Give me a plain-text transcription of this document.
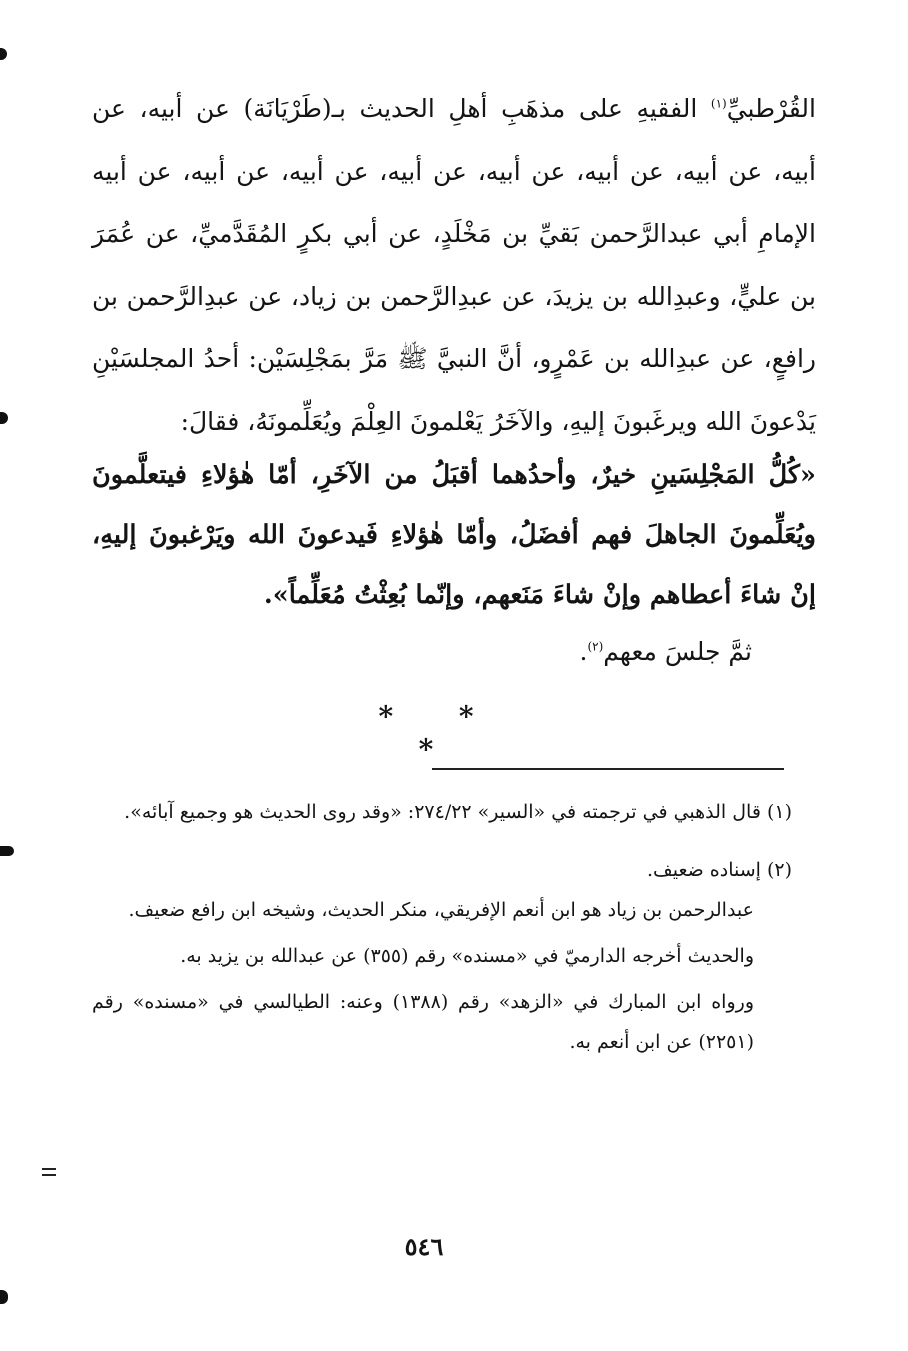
القُرْطبيِّ$^{(١)}$ الفقيهِ على مذهَبِ أهلِ الحديث بـ(طَرْيَانَة) عن أبيه، عن أبيه، عن أبيه، عن أبيه، عن أبيه، عن أبيه، عن أبيه، عن أبيه، عن أبيه الإمامِ أبي عبدالرَّحمن بَقيِّ بن مَخْلَدٍ، عن أبي بكرٍ المُقَدَّميِّ، عن عُمَرَ بن عليٍّ، وعبدِالله بن يزيدَ، عن عبدِالرَّحمن بن زياد، عن عبدِالرَّحمن بن رافعٍ، عن عبدِالله بن عَمْرٍو، أنَّ النبيَّ ﷺ مَرَّ بمَجْلِسَيْن: أحدُ المجلسَيْنِ يَدْعونَ الله ويرغَبونَ إليهِ، والآخَرُ يَعْلمونَ العِلْمَ ويُعَلِّمونَهُ، فقالَ:
«كُلُّ المَجْلِسَينِ خيرٌ، وأحدُهما أقبَلُ من الآخَرِ، أمّا هٰؤلاءِ فيتعلَّمونَ ويُعَلِّمونَ الجاهلَ فهم أفضَلُ، وأمّا هٰؤلاءِ فَيدعونَ الله ويَرْغبونَ إليهِ، إنْ شاءَ أعطاهم وإنْ شاءَ مَنَعهم، وإنّما بُعِثْتُ مُعَلِّماً».
ثمَّ جلسَ معهم$^{(٢)}$.
* * *

(١)قال الذهبي في ترجمته في «السير» ٢٧٤/٢٢: «وقد روى الحديث هو وجميع آبائه».

(٢)إسناده ضعيف.

عبدالرحمن بن زياد هو ابن أنعم الإفريقي، منكر الحديث، وشيخه ابن رافع ضعيف.

والحديث أخرجه الدارميّ في «مسنده» رقم (٣٥٥) عن عبدالله بن يزيد به.

ورواه ابن المبارك في «الزهد» رقم (١٣٨٨) وعنه: الطيالسي في «مسنده» رقم (٢٢٥١) عن ابن أنعم به.

٥٤٦
